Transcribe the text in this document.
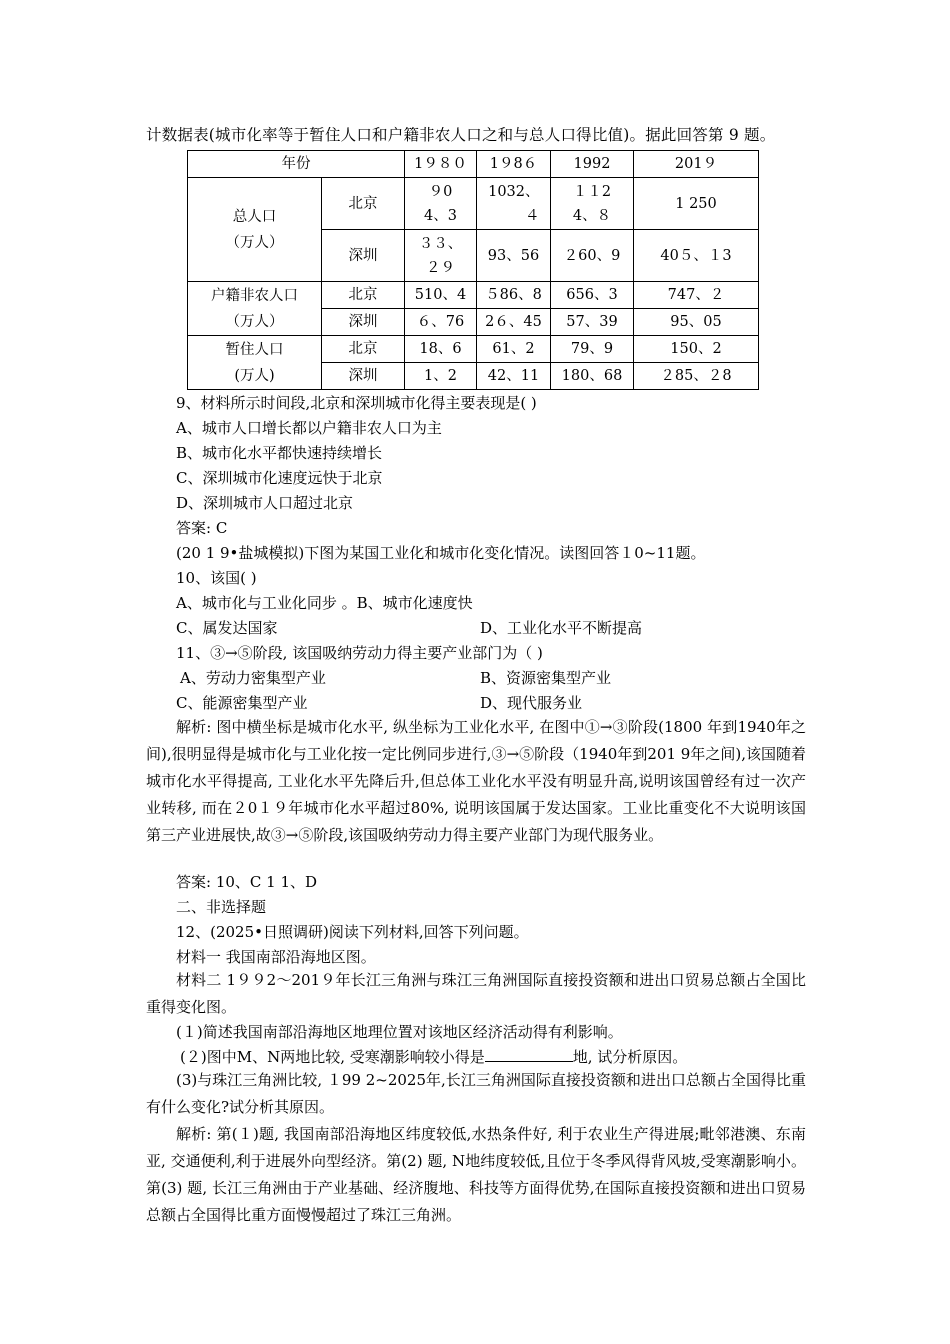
计数据表(城市化率等于暂住人口和户籍非农人口之和与总人口得比值)。据此回答第 9 题。
年份		1９８０	1９8６	1992	201９

总人口（万人）	北京	９04、3	1032、４	１１24、８	1 250
	深圳	３３、２９	93、56	２60、9	40５、１3

户籍非农人口（万人）	北京	510、4	５86、8	656、3	747、２
	深圳	６、76	2６、45	57、39	95、05

暂住人口(万人)	北京	18、6	61、2	79、9	150、2
	深圳	1、2	42、11	180、68	２85、２8
9、材料所示时间段,北京和深圳城市化得主要表现是( )
A、城市人口增长都以户籍非农人口为主
B、城市化水平都快速持续增长
C、深圳城市化速度远快于北京
D、深圳城市人口超过北京
答案: C
(20 1 9•盐城模拟)下图为某国工业化和城市化变化情况。读图回答１0~11题。
10、该国( )
A、城市化与工业化同步 。B、城市化速度快
C、属发达国家	D、工业化水平不断提高
11、③→⑤阶段, 该国吸纳劳动力得主要产业部门为（ )
A、劳动力密集型产业	B、资源密集型产业
C、能源密集型产业	D、现代服务业
解析: 图中横坐标是城市化水平, 纵坐标为工业化水平, 在图中①→③阶段(1800 年到1940年之间),很明显得是城市化与工业化按一定比例同步进行,③→⑤阶段（1940年到201 9年之间),该国随着城市化水平得提高, 工业化水平先降后升,但总体工业化水平没有明显升高,说明该国曾经有过一次产业转移, 而在２0１９年城市化水平超过80%, 说明该国属于发达国家。工业比重变化不大说明该国第三产业进展快,故③→⑤阶段,该国吸纳劳动力得主要产业部门为现代服务业。
答案: 10、C 1 1、D
二、非选择题
12、(2025•日照调研)阅读下列材料,回答下列问题。
材料一 我国南部沿海地区图。
材料二 1９９2～201９年长江三角洲与珠江三角洲国际直接投资额和进出口贸易总额占全国比重得变化图。
(１)简述我国南部沿海地区地理位置对该地区经济活动得有利影响。
(２)图中M、N两地比较, 受寒潮影响较小得是	地, 试分析原因。
(3)与珠江三角洲比较, １99 2~2025年,长江三角洲国际直接投资额和进出口总额占全国得比重有什么变化?试分析其原因。
解析: 第(１)题, 我国南部沿海地区纬度较低,水热条件好, 利于农业生产得进展;毗邻港澳、东南亚, 交通便利,利于进展外向型经济。第(2) 题, N地纬度较低,且位于冬季风得背风坡,受寒潮影响小。第(3) 题, 长江三角洲由于产业基础、经济腹地、科技等方面得优势,在国际直接投资额和进出口贸易总额占全国得比重方面慢慢超过了珠江三角洲。
